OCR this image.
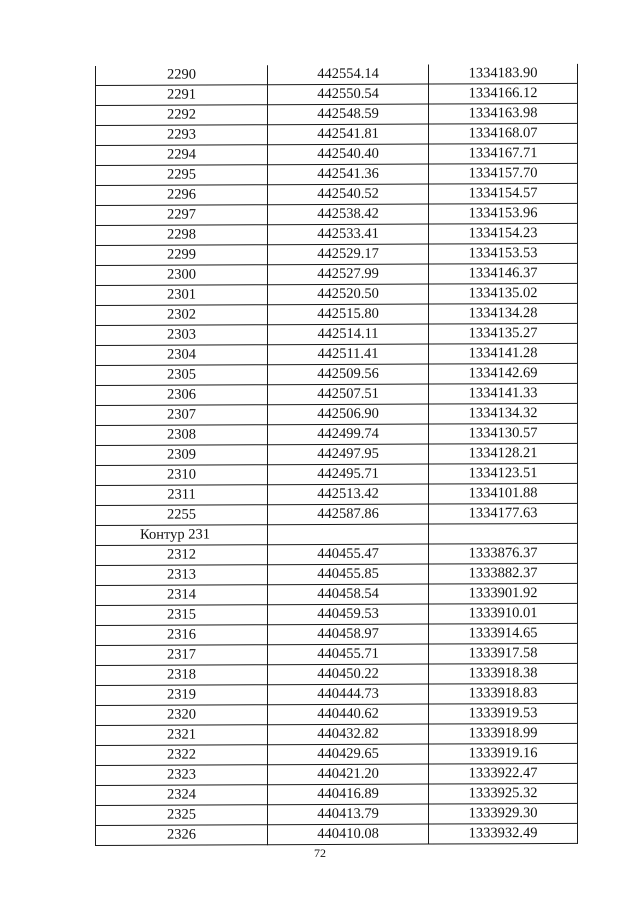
2290	442554.14	1334183.90
2291	442550.54	1334166.12
2292	442548.59	1334163.98
2293	442541.81	1334168.07
2294	442540.40	1334167.71
2295	442541.36	1334157.70
2296	442540.52	1334154.57
2297	442538.42	1334153.96
2298	442533.41	1334154.23
2299	442529.17	1334153.53
2300	442527.99	1334146.37
2301	442520.50	1334135.02
2302	442515.80	1334134.28
2303	442514.11	1334135.27
2304	442511.41	1334141.28
2305	442509.56	1334142.69
2306	442507.51	1334141.33
2307	442506.90	1334134.32
2308	442499.74	1334130.57
2309	442497.95	1334128.21
2310	442495.71	1334123.51
2311	442513.42	1334101.88
2255	442587.86	1334177.63
Контур 231		
2312	440455.47	1333876.37
2313	440455.85	1333882.37
2314	440458.54	1333901.92
2315	440459.53	1333910.01
2316	440458.97	1333914.65
2317	440455.71	1333917.58
2318	440450.22	1333918.38
2319	440444.73	1333918.83
2320	440440.62	1333919.53
2321	440432.82	1333918.99
2322	440429.65	1333919.16
2323	440421.20	1333922.47
2324	440416.89	1333925.32
2325	440413.79	1333929.30
2326	440410.08	1333932.49
72
